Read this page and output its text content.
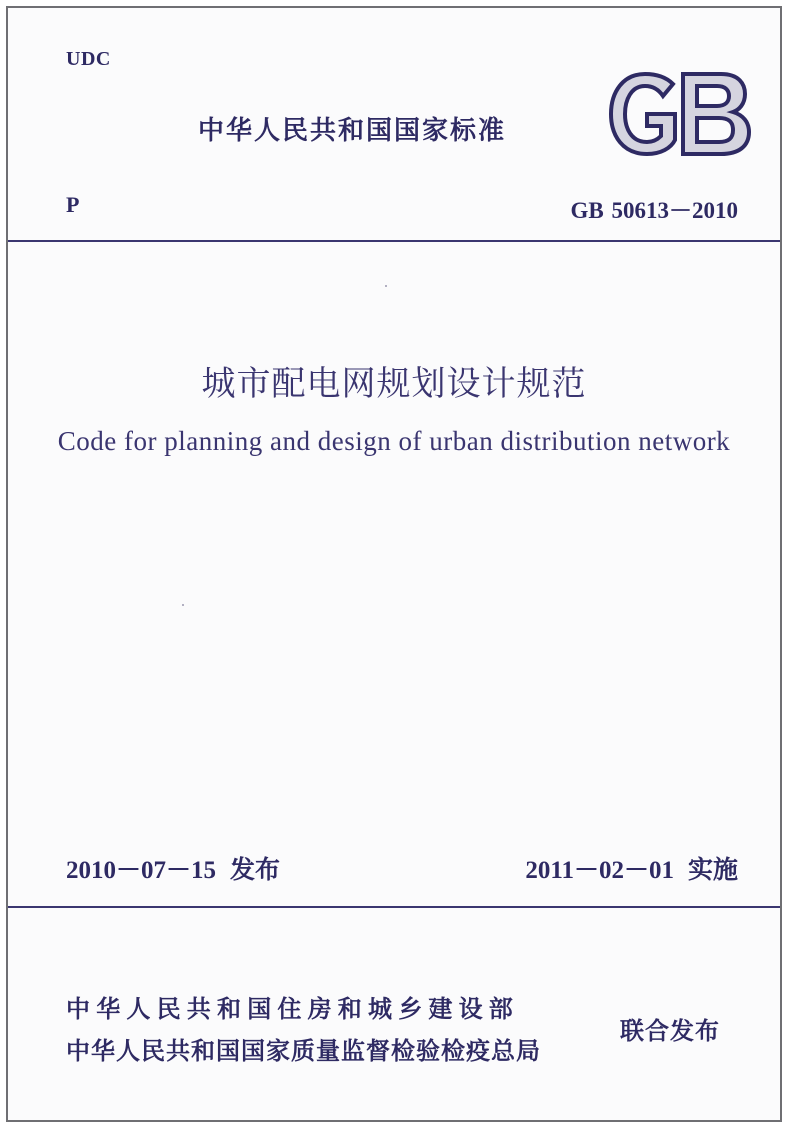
UDC
中华人民共和国国家标准
P	GB 50613－2010
城市配电网规划设计规范
Code for planning and design of urban distribution network
2010－07－15 发布	2011－02－01 实施
中华人民共和国住房和城乡建设部
中华人民共和国国家质量监督检验检疫总局
联合发布
